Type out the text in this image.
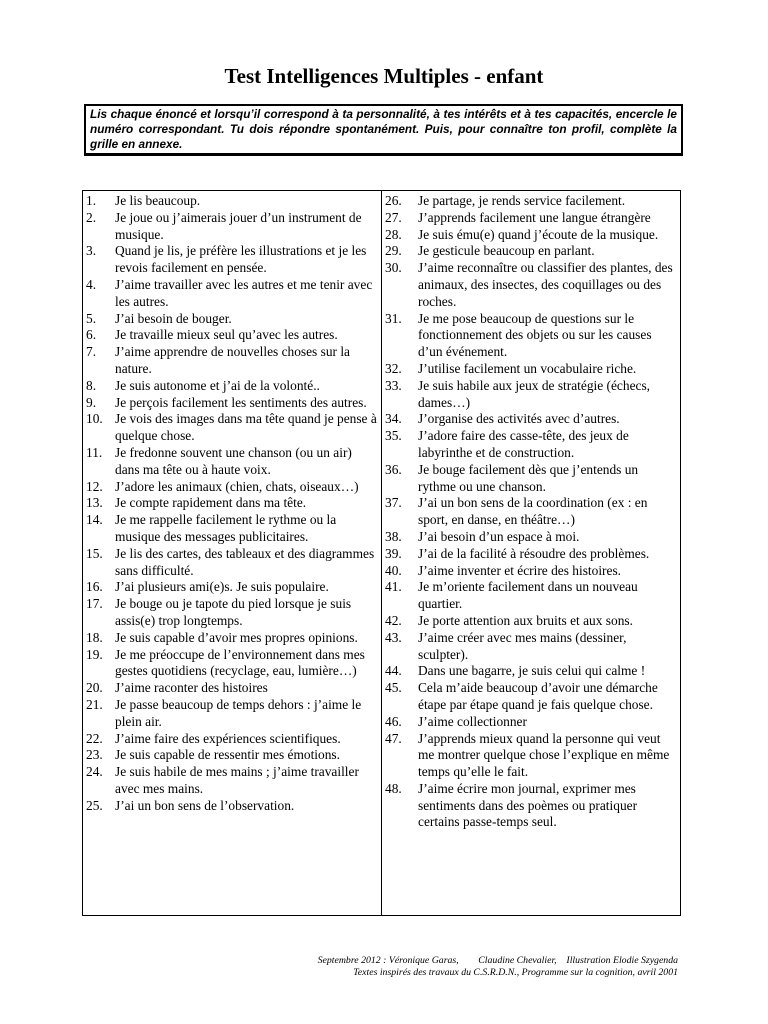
Test Intelligences Multiples - enfant
Lis chaque énoncé et lorsqu’il correspond à ta personnalité, à tes intérêts et à tes capacités, encercle le numéro correspondant. Tu dois répondre spontanément. Puis, pour connaître ton profil, complète la grille en annexe.
1.	Je lis beaucoup.
2.	Je joue ou j’aimerais jouer d’un instrument de musique.
3.	Quand je lis, je préfère les illustrations et je les revois facilement en pensée.
4.	J’aime travailler avec les autres et me tenir avec les autres.
5.	J’ai besoin de bouger.
6.	Je travaille mieux seul qu’avec les autres.
7.	J’aime apprendre de nouvelles choses sur la nature.
8.	Je suis autonome et j’ai de la volonté..
9.	Je perçois facilement les sentiments des autres.
10. Je vois des images dans ma tête quand je pense à quelque chose.
11. Je fredonne souvent une chanson (ou un air) dans ma tête ou à haute voix.
12. J’adore les animaux (chien, chats, oiseaux…)
13. Je compte rapidement dans ma tête.
14. Je me rappelle facilement le rythme ou la musique des messages publicitaires.
15. Je lis des cartes, des tableaux et des diagrammes sans difficulté.
16. J’ai plusieurs ami(e)s. Je suis populaire.
17. Je bouge ou je tapote du pied lorsque je suis assis(e) trop longtemps.
18. Je suis capable d’avoir mes propres opinions.
19. Je me préoccupe de l’environnement dans mes gestes quotidiens (recyclage, eau, lumière…)
20. J’aime raconter des histoires
21. Je passe beaucoup de temps dehors : j’aime le plein air.
22. J’aime faire des expériences scientifiques.
23. Je suis capable de ressentir mes émotions.
24. Je suis habile de mes mains ; j’aime travailler avec mes mains.
25. J’ai un bon sens de l’observation.
26.	Je partage, je rends service facilement.
27.	J’apprends facilement une langue étrangère
28.	Je suis ému(e) quand j’écoute de la musique.
29.	Je gesticule beaucoup en parlant.
30.	J’aime reconnaître ou classifier des plantes, des animaux, des insectes, des coquillages ou des roches.
31.	Je me pose beaucoup de questions sur le fonctionnement des objets ou sur les causes d’un événement.
32.	J’utilise facilement un vocabulaire riche.
33.	Je suis habile aux jeux de stratégie (échecs, dames…)
34.	J’organise des activités avec d’autres.
35.	J’adore faire des casse-tête, des jeux de labyrinthe et de construction.
36.	Je bouge facilement dès que j’entends un rythme ou une chanson.
37.	J’ai un bon sens de la coordination (ex : en sport, en danse, en théâtre…)
38.	J’ai besoin d’un espace à moi.
39.	J’ai de la facilité à résoudre des problèmes.
40.	J’aime inventer et écrire des histoires.
41.	Je m’oriente facilement dans un nouveau quartier.
42.	Je porte attention aux bruits et aux sons.
43.	J’aime créer avec mes mains (dessiner, sculpter).
44.	Dans une bagarre, je suis celui qui calme !
45.	Cela m’aide beaucoup d’avoir une démarche étape par étape quand je fais quelque chose.
46.	J’aime collectionner
47.	J’apprends mieux quand la personne qui veut me montrer quelque chose l’explique en même temps qu’elle le fait.
48.	J’aime écrire mon journal, exprimer mes sentiments dans des poèmes ou pratiquer certains passe-temps seul.
Septembre 2012 : Véronique Garas,        Claudine Chevalier,    Illustration Elodie Szygenda
Textes inspirés des travaux du C.S.R.D.N., Programme sur la cognition, avril 2001
